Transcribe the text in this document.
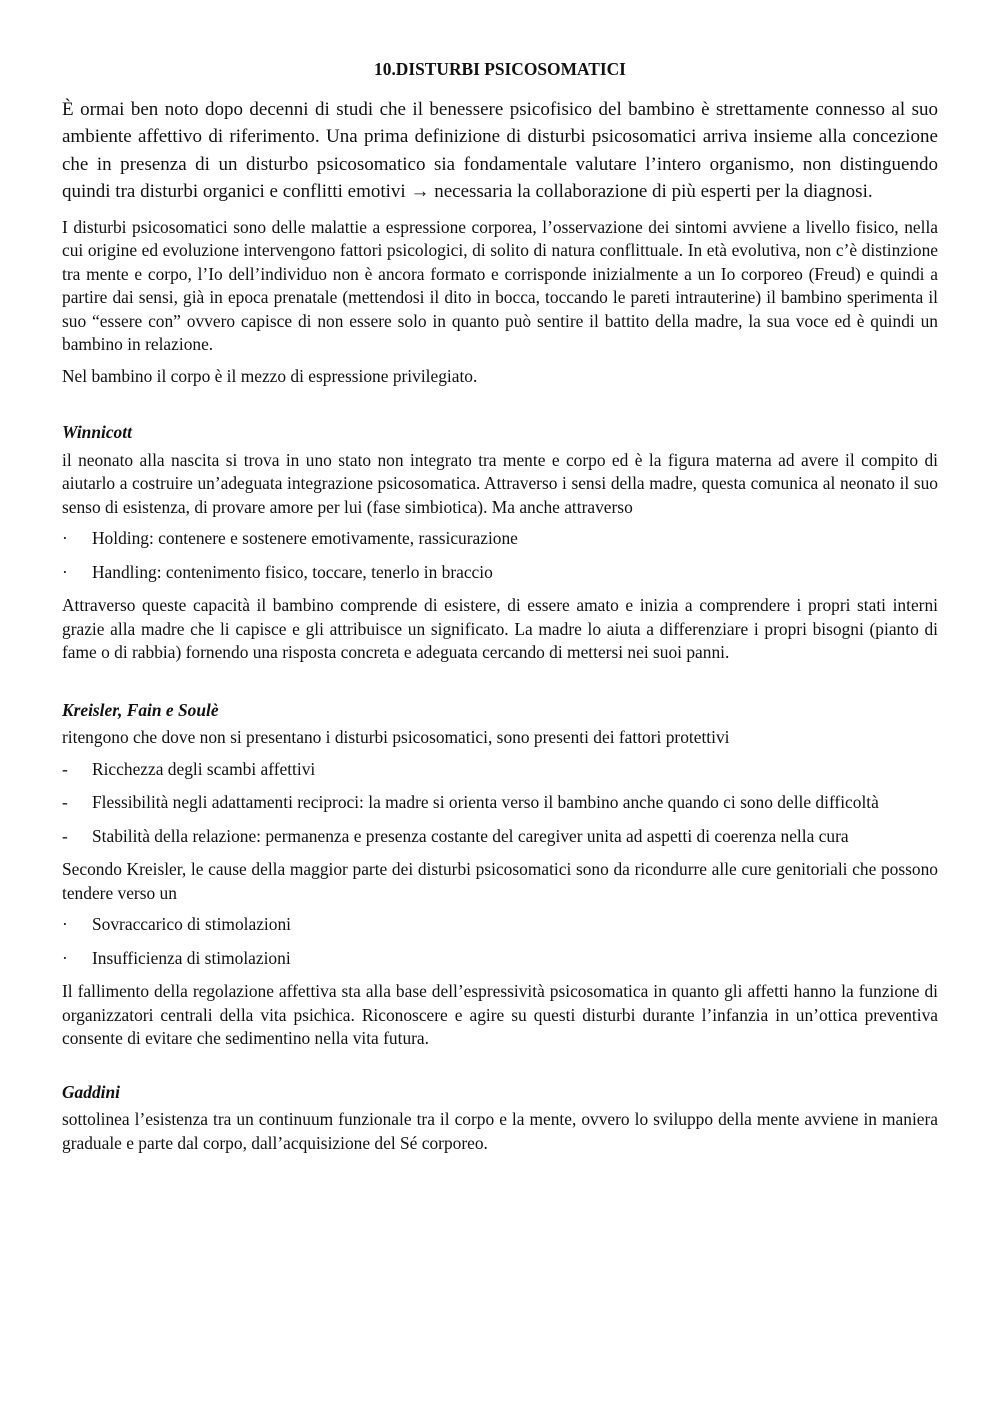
10.DISTURBI PSICOSOMATICI

È ormai ben noto dopo decenni di studi che il benessere psicofisico del bambino è strettamente connesso al suo ambiente affettivo di riferimento. Una prima definizione di disturbi psicosomatici arriva insieme alla concezione che in presenza di un disturbo psicosomatico sia fondamentale valutare l’intero organismo, non distinguendo quindi tra disturbi organici e conflitti emotivi → necessaria la collaborazione di più esperti per la diagnosi.

I disturbi psicosomatici sono delle malattie a espressione corporea, l’osservazione dei sintomi avviene a livello fisico, nella cui origine ed evoluzione intervengono fattori psicologici, di solito di natura conflittuale. In età evolutiva, non c’è distinzione tra mente e corpo, l’Io dell’individuo non è ancora formato e corrisponde inizialmente a un Io corporeo (Freud) e quindi a partire dai sensi, già in epoca prenatale (mettendosi il dito in bocca, toccando le pareti intrauterine) il bambino sperimenta il suo “essere con” ovvero capisce di non essere solo in quanto può sentire il battito della madre, la sua voce ed è quindi un bambino in relazione.

Nel bambino il corpo è il mezzo di espressione privilegiato.

Winnicott

il neonato alla nascita si trova in uno stato non integrato tra mente e corpo ed è la figura materna ad avere il compito di aiutarlo a costruire un’adeguata integrazione psicosomatica. Attraverso i sensi della madre, questa comunica al neonato il suo senso di esistenza, di provare amore per lui (fase simbiotica). Ma anche attraverso

· Holding: contenere e sostenere emotivamente, rassicurazione
· Handling: contenimento fisico, toccare, tenerlo in braccio

Attraverso queste capacità il bambino comprende di esistere, di essere amato e inizia a comprendere i propri stati interni grazie alla madre che li capisce e gli attribuisce un significato. La madre lo aiuta a differenziare i propri bisogni (pianto di fame o di rabbia) fornendo una risposta concreta e adeguata cercando di mettersi nei suoi panni.

Kreisler, Fain e Soulè

ritengono che dove non si presentano i disturbi psicosomatici, sono presenti dei fattori protettivi

- Ricchezza degli scambi affettivi
- Flessibilità negli adattamenti reciproci: la madre si orienta verso il bambino anche quando ci sono delle difficoltà
- Stabilità della relazione: permanenza e presenza costante del caregiver unita ad aspetti di coerenza nella cura

Secondo Kreisler, le cause della maggior parte dei disturbi psicosomatici sono da ricondurre alle cure genitoriali che possono tendere verso un

· Sovraccarico di stimolazioni
· Insufficienza di stimolazioni

Il fallimento della regolazione affettiva sta alla base dell’espressività psicosomatica in quanto gli affetti hanno la funzione di organizzatori centrali della vita psichica. Riconoscere e agire su questi disturbi durante l’infanzia in un’ottica preventiva consente di evitare che sedimentino nella vita futura.

Gaddini

sottolinea l’esistenza tra un continuum funzionale tra il corpo e la mente, ovvero lo sviluppo della mente avviene in maniera graduale e parte dal corpo, dall’acquisizione del Sé corporeo.
